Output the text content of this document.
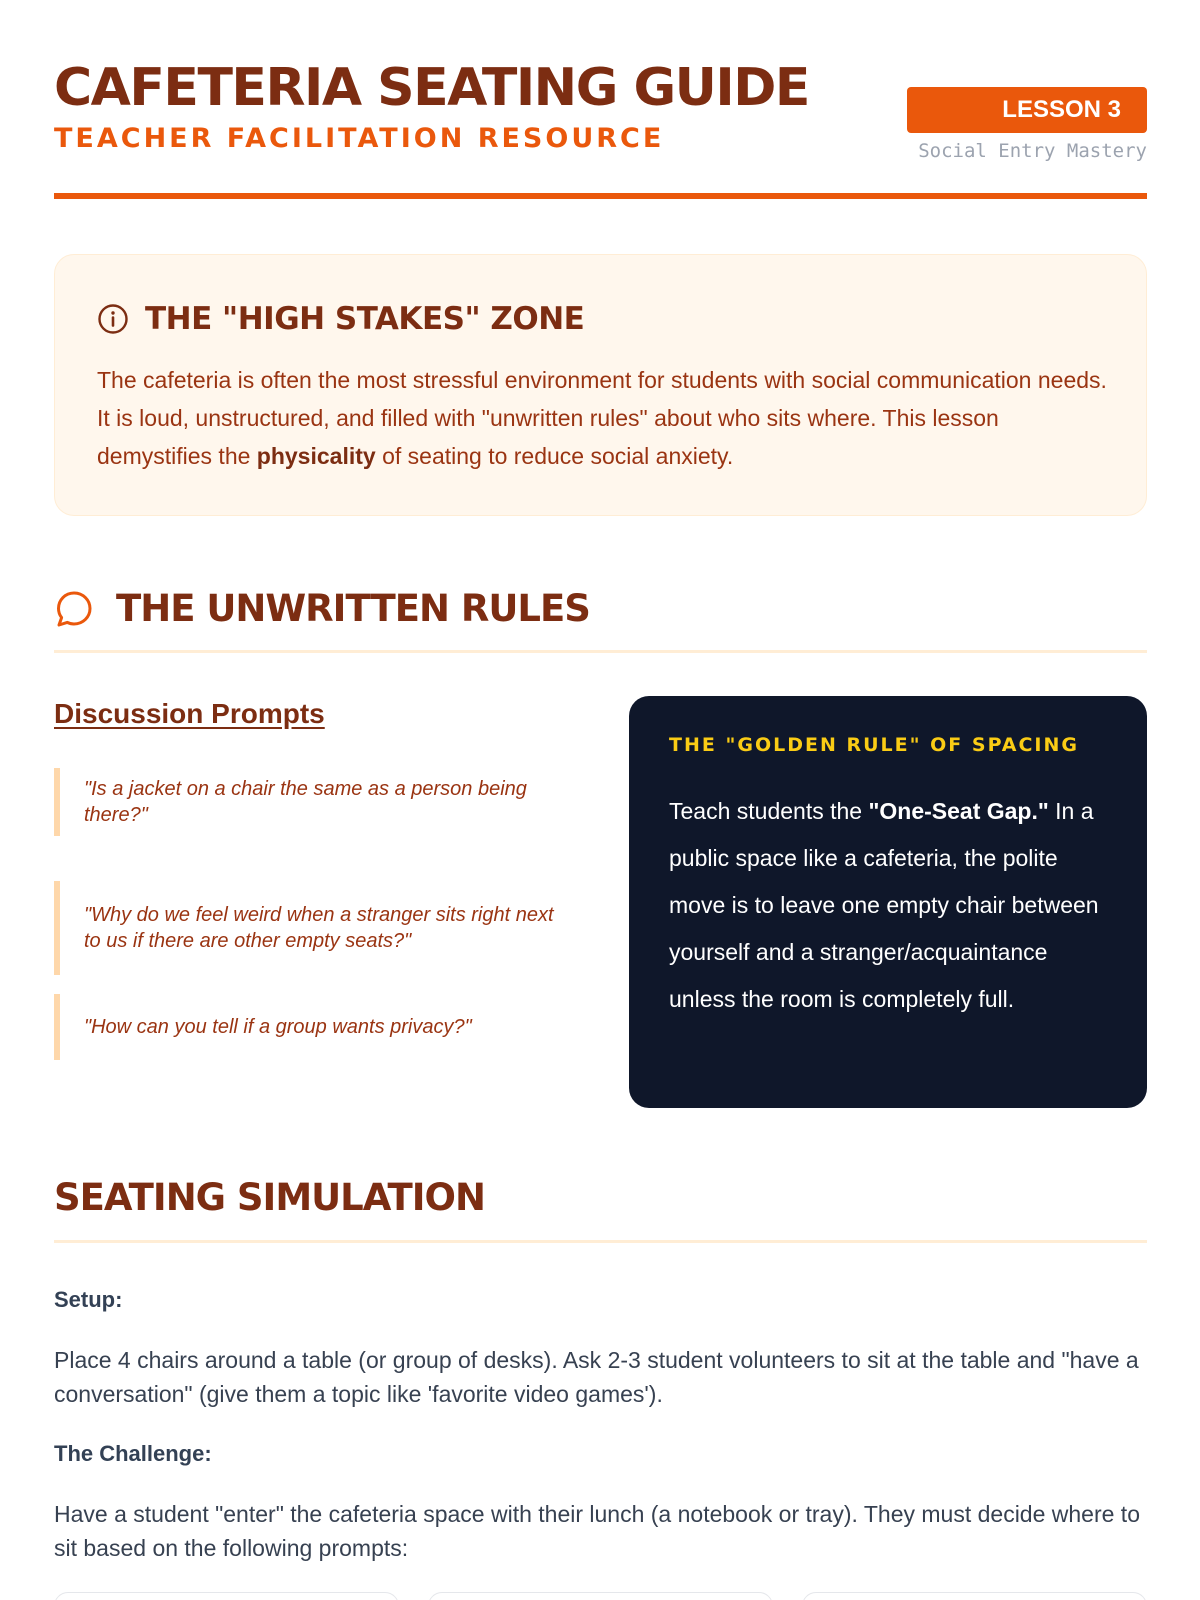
CAFETERIA SEATING GUIDE
TEACHER FACILITATION RESOURCE
LESSON 3
Social Entry Mastery
THE "HIGH STAKES" ZONE

The cafeteria is often the most stressful environment for students with social communication needs. It is loud, unstructured, and filled with "unwritten rules" about who sits where. This lesson demystifies the physicality of seating to reduce social anxiety.

THE UNWRITTEN RULES
Discussion Prompts
"Is a jacket on a chair the same as a person being there?"
"Why do we feel weird when a stranger sits right next to us if there are other empty seats?"
"How can you tell if a group wants privacy?"
THE "GOLDEN RULE" OF SPACING

Teach students the "One-Seat Gap." In a public space like a cafeteria, the polite move is to leave one empty chair between yourself and a stranger/acquaintance unless the room is completely full.

SEATING SIMULATION
Setup:

Place 4 chairs around a table (or group of desks). Ask 2-3 student volunteers to sit at the table and "have a conversation" (give them a topic like 'favorite video games').

The Challenge:

Have a student "enter" the cafeteria space with their lunch (a notebook or tray). They must decide where to sit based on the following prompts:
